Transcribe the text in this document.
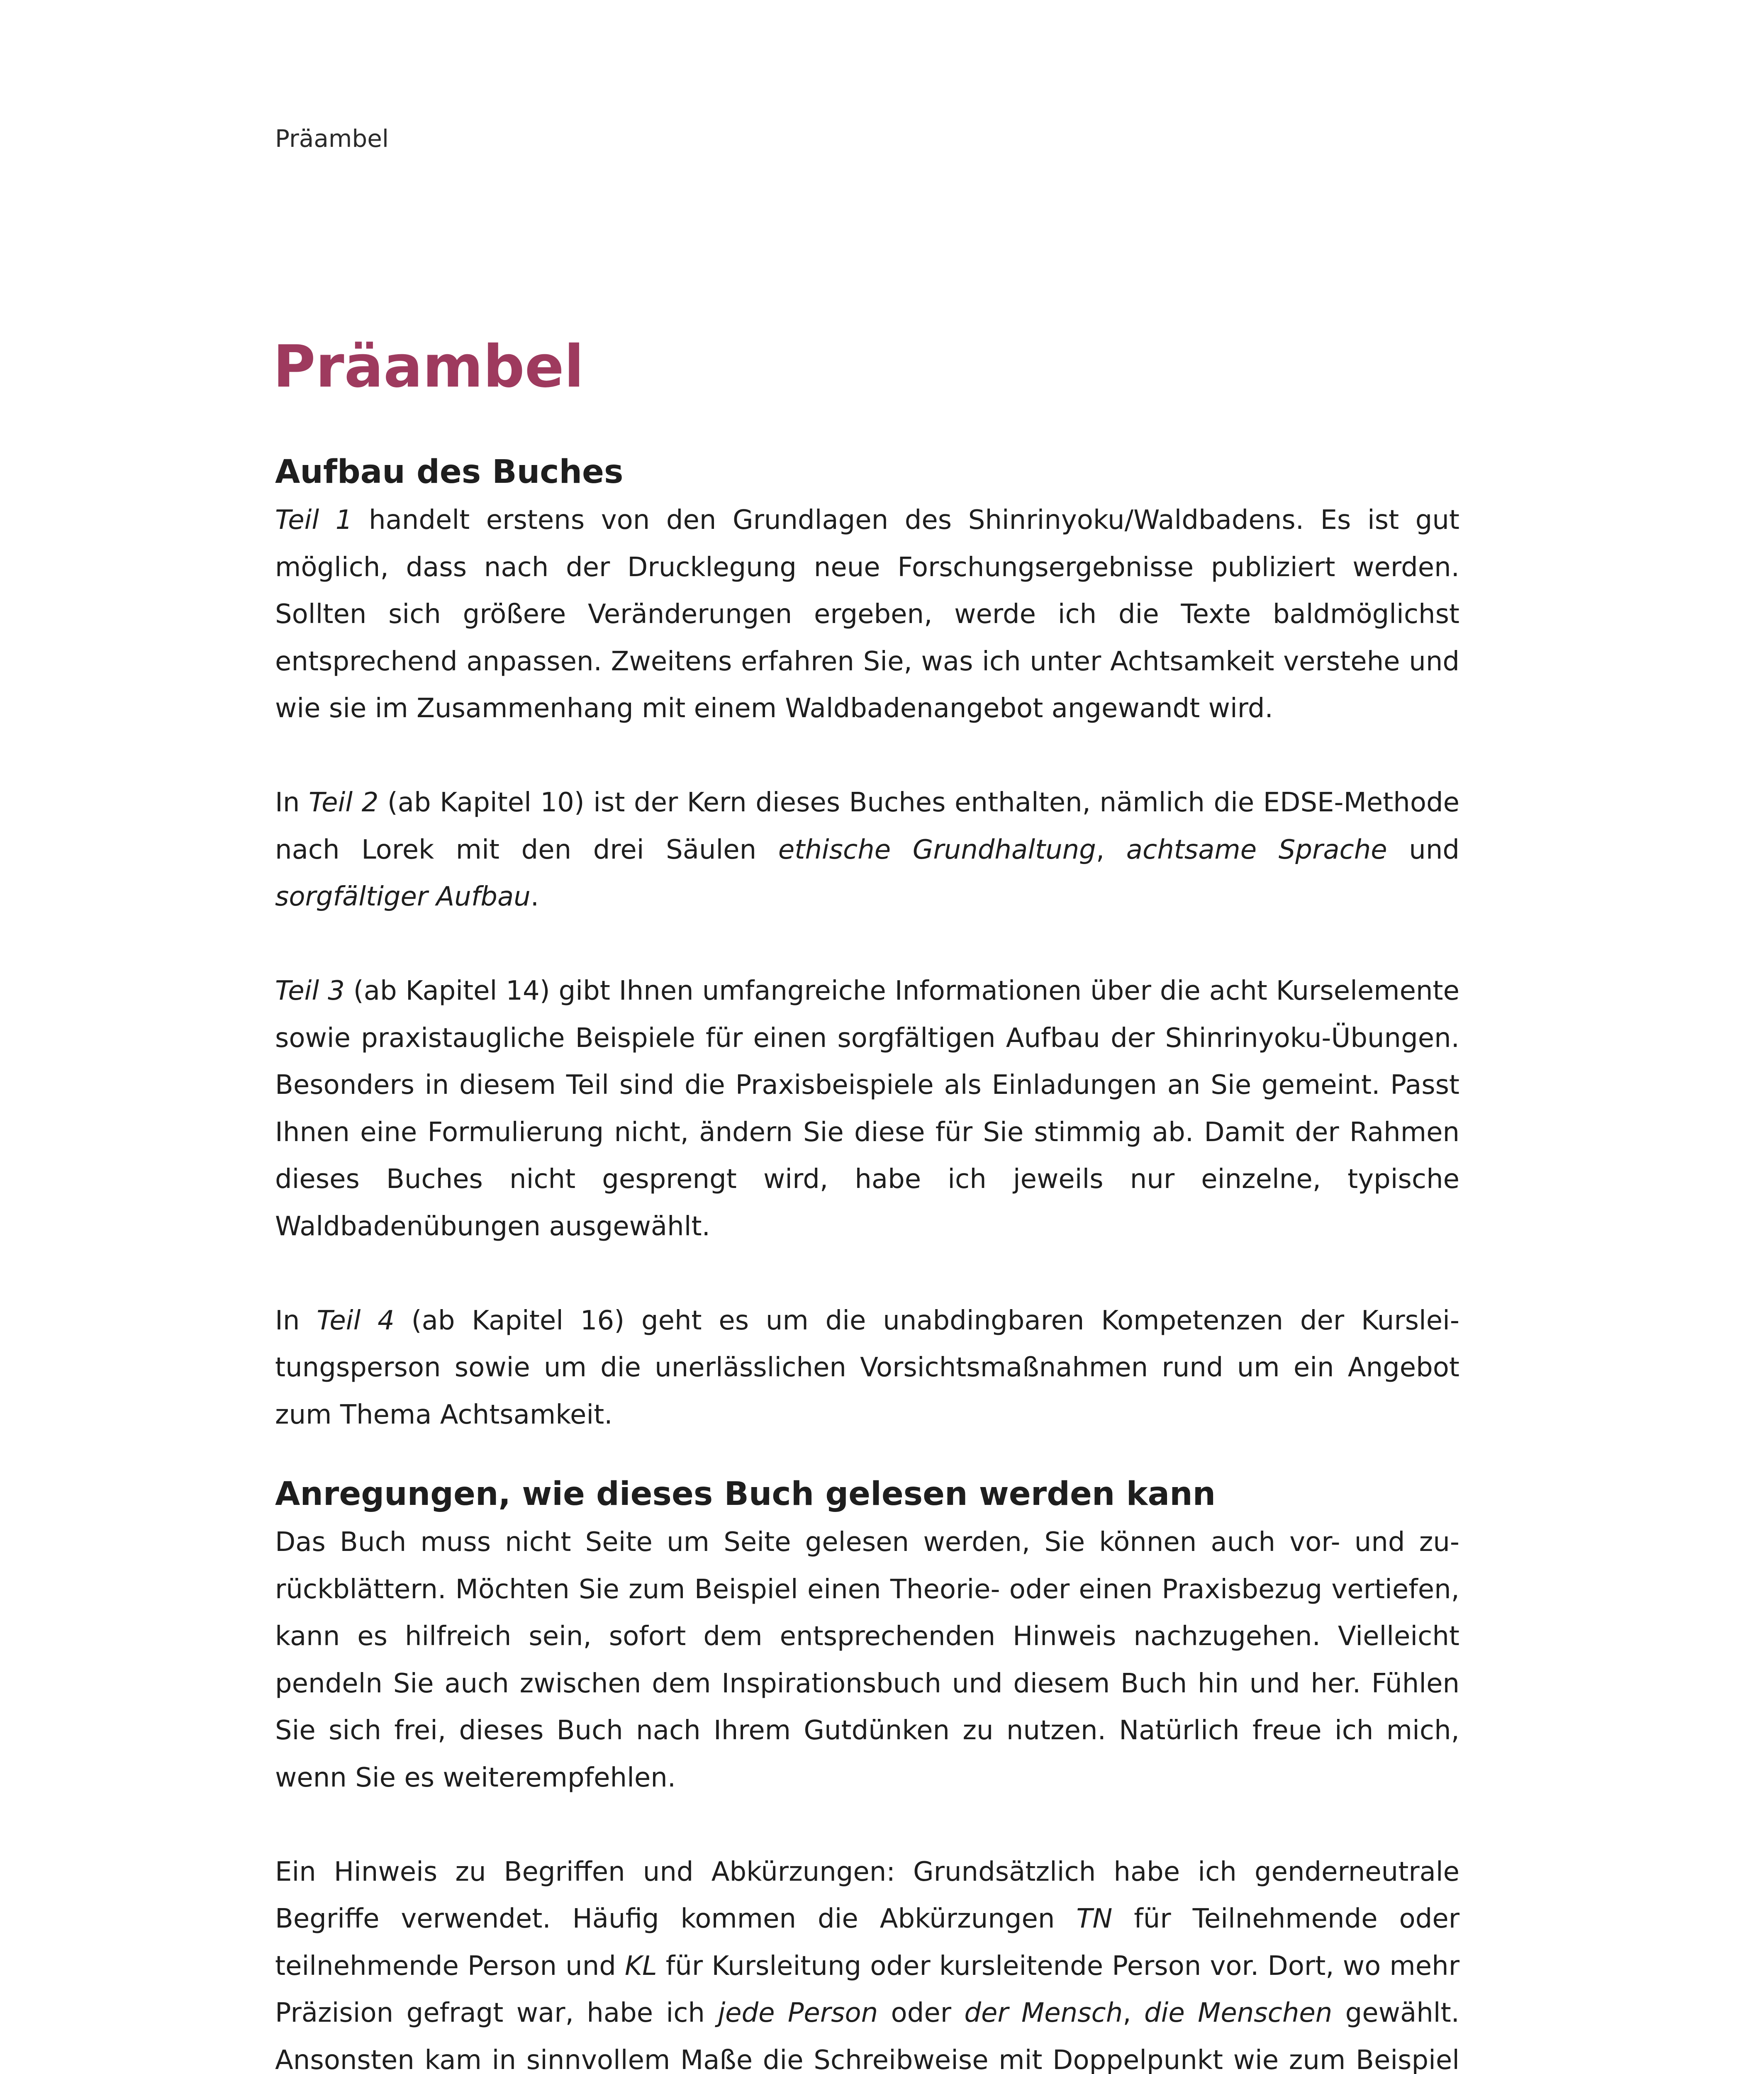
Präambel
Präambel
Aufbau des Buches

Teil 1 handelt erstens von den Grundlagen des Shinrinyoku/Waldbadens. Es ist gut möglich, dass nach der Drucklegung neue Forschungsergebnisse publiziert werden. Sollten sich größere Veränderungen ergeben, werde ich die Texte baldmöglichst entsprechend anpassen. Zweitens erfahren Sie, was ich unter Achtsamkeit verstehe und wie sie im Zusammenhang mit einem Waldbadenangebot angewandt wird.

In Teil 2 (ab Kapitel 10) ist der Kern dieses Buches enthalten, nämlich die EDSE-Methode nach Lorek mit den drei Säulen ethische Grundhaltung, achtsame Sprache und sorgfältiger Aufbau.

Teil 3 (ab Kapitel 14) gibt Ihnen umfangreiche Informationen über die acht Kurselemente sowie praxistaugliche Beispiele für einen sorgfältigen Aufbau der Shinrinyoku-Übungen. Besonders in diesem Teil sind die Praxisbeispiele als Einladungen an Sie gemeint. Passt Ihnen eine Formulierung nicht, ändern Sie diese für Sie stimmig ab. Damit der Rahmen dieses Buches nicht gesprengt wird, habe ich jeweils nur einzelne, typische Waldbadenübungen ausgewählt.

In Teil 4 (ab Kapitel 16) geht es um die unabdingbaren Kompetenzen der Kursleitungsperson sowie um die unerlässlichen Vorsichtsmaßnahmen rund um ein Angebot zum Thema Achtsamkeit.

Anregungen, wie dieses Buch gelesen werden kann

Das Buch muss nicht Seite um Seite gelesen werden, Sie können auch vor- und zurückblättern. Möchten Sie zum Beispiel einen Theorie- oder einen Praxisbezug vertiefen, kann es hilfreich sein, sofort dem entsprechenden Hinweis nachzugehen. Vielleicht pendeln Sie auch zwischen dem Inspirationsbuch und diesem Buch hin und her. Fühlen Sie sich frei, dieses Buch nach Ihrem Gutdünken zu nutzen. Natürlich freue ich mich, wenn Sie es weiterempfehlen.

Ein Hinweis zu Begriffen und Abkürzungen: Grundsätzlich habe ich genderneutrale Begriffe verwendet. Häufig kommen die Abkürzungen TN für Teilnehmende oder teilnehmende Person und KL für Kursleitung oder kursleitende Person vor. Dort, wo mehr Präzision gefragt war, habe ich jede Person oder der Mensch, die Menschen gewählt. Ansonsten kam in sinnvollem Maße die Schreibweise mit Doppelpunkt wie zum Beispiel
